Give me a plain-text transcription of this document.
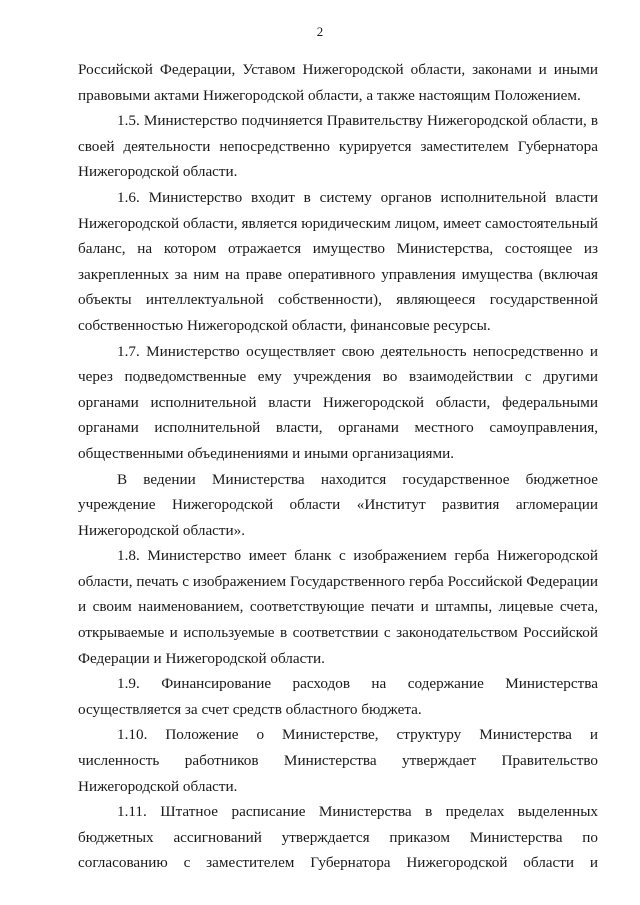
2

Российской Федерации, Уставом Нижегородской области, законами и иными правовыми актами Нижегородской области, а также настоящим Положением.

1.5. Министерство подчиняется Правительству Нижегородской области, в своей деятельности непосредственно курируется заместителем Губернатора Нижегородской области.

1.6. Министерство входит в систему органов исполнительной власти Нижегородской области, является юридическим лицом, имеет самостоятельный баланс, на котором отражается имущество Министерства, состоящее из закрепленных за ним на праве оперативного управления имущества (включая объекты интеллектуальной собственности), являющееся государственной собственностью Нижегородской области, финансовые ресурсы.

1.7. Министерство осуществляет свою деятельность непосредственно и через подведомственные ему учреждения во взаимодействии с другими органами исполнительной власти Нижегородской области, федеральными органами исполнительной власти, органами местного самоуправления, общественными объединениями и иными организациями.

В ведении Министерства находится государственное бюджетное учреждение Нижегородской области «Институт развития агломерации Нижегородской области».

1.8. Министерство имеет бланк с изображением герба Нижегородской области, печать с изображением Государственного герба Российской Федерации и своим наименованием, соответствующие печати и штампы, лицевые счета, открываемые и используемые в соответствии с законодательством Российской Федерации и Нижегородской области.

1.9. Финансирование расходов на содержание Министерства осуществляется за счет средств областного бюджета.

1.10. Положение о Министерстве, структуру Министерства и численность работников Министерства утверждает Правительство Нижегородской области.

1.11. Штатное расписание Министерства в пределах выделенных бюджетных ассигнований утверждается приказом Министерства по согласованию с заместителем Губернатора Нижегородской области и
